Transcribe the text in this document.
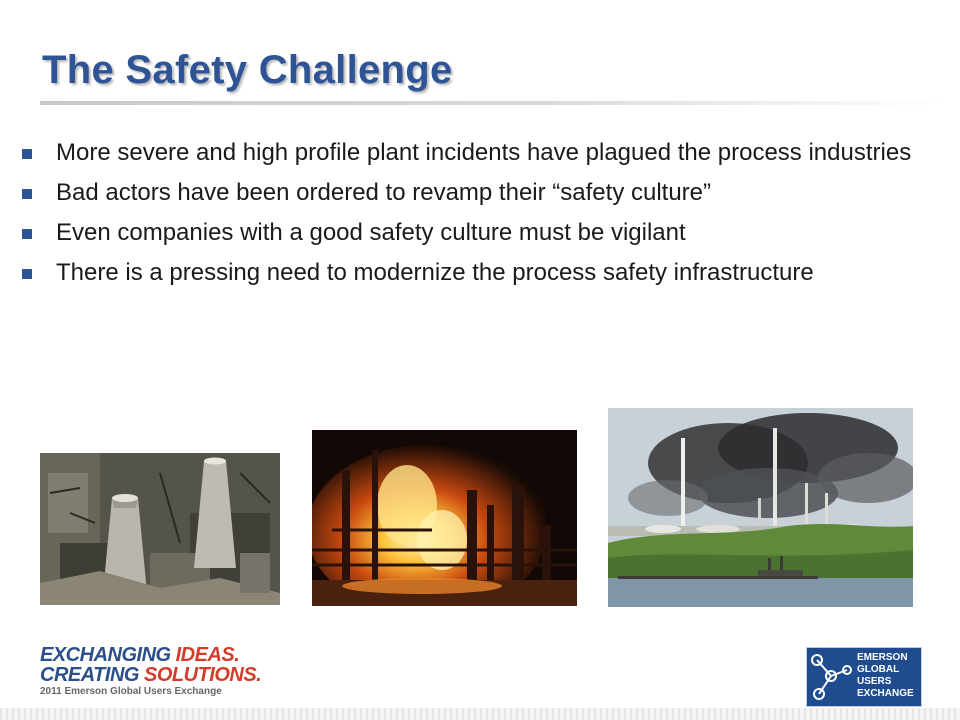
The Safety Challenge
More severe and high profile plant incidents have plagued the process industries
Bad actors have been ordered to revamp their “safety culture”
Even companies with a good safety culture must be vigilant
There is a pressing need to modernize the process safety infrastructure
EXCHANGING IDEAS.
CREATING SOLUTIONS.
2011 Emerson Global Users Exchange
EMERSON
GLOBAL
USERS
EXCHANGE
